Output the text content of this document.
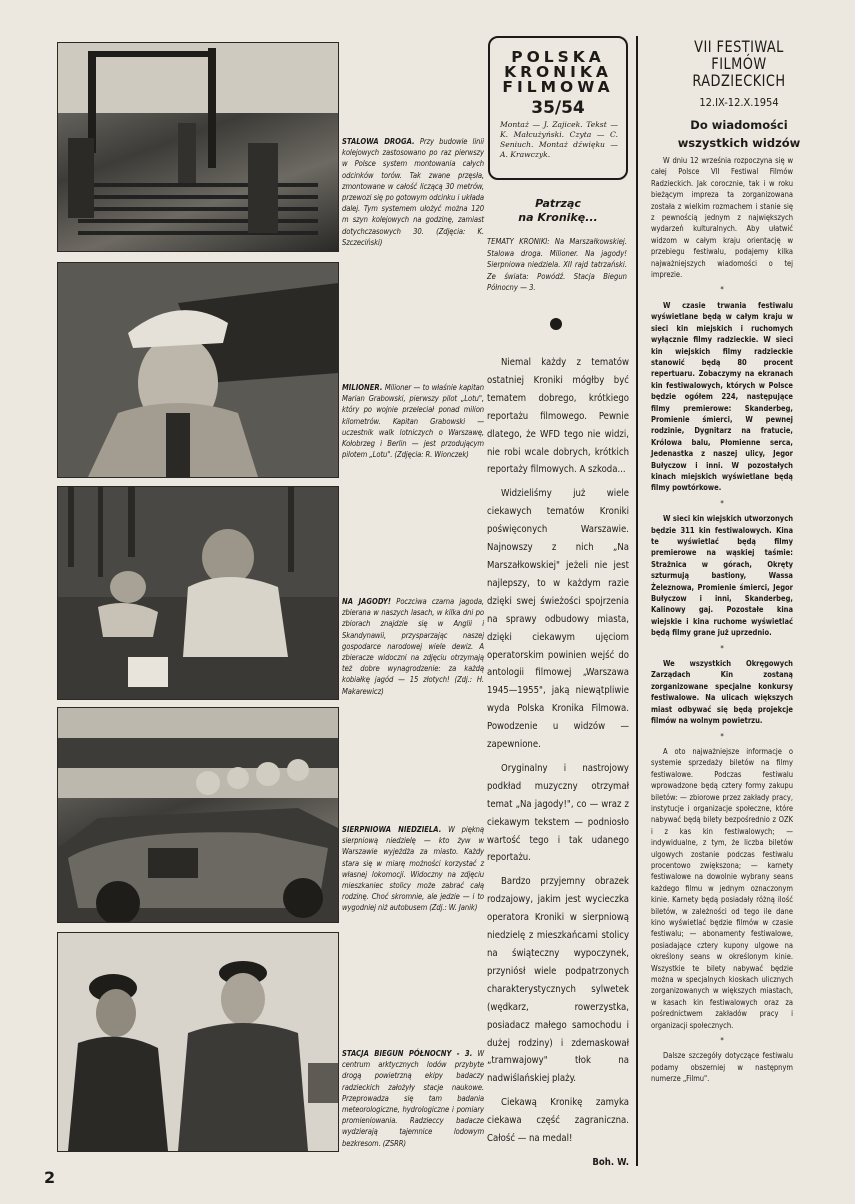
STALOWA DROGA. Przy budowie linii kolejowych zastosowano po raz pierwszy w Polsce system montowania całych odcinków torów. Tak zwane przęsła, zmontowane w całość liczącą 30 metrów, przewozi się po gotowym odcinku i układa dalej. Tym systemem ułożyć można 120 m szyn kolejowych na godzinę, zamiast dotychczasowych 30. (Zdjęcia: K. Szczeciński)
MILIONER. Milioner — to właśnie kapitan Marian Grabowski, pierwszy pilot „Lotu", który po wojnie przeleciał ponad milion kilometrów. Kapitan Grabowski — uczestnik walk lotniczych o Warszawę, Kołobrzeg i Berlin — jest przodującym pilotem „Lotu". (Zdjęcia: R. Wionczek)
NA JAGODY! Poczciwa czarna jagoda, zbierana w naszych lasach, w kilka dni po zbiorach znajdzie się w Anglii i Skandynawii, przysparzając naszej gospodarce narodowej wiele dewiz. A zbieracze widoczni na zdjęciu otrzymają też dobre wynagrodzenie: za każdą kobiałkę jagód — 15 złotych! (Zdj.: H. Makarewicz)
SIERPNIOWA NIEDZIELA. W piękną sierpniową niedzielę — kto żyw w Warszawie wyjeżdża za miasto. Każdy stara się w miarę możności korzystać z własnej lokomocji. Widoczny na zdjęciu mieszkaniec stolicy może zabrać całą rodzinę. Choć skromnie, ale jedzie — i to wygodniej niż autobusem (Zdj.: W. Janik)
STACJA BIEGUN PÓŁNOCNY - 3. W centrum arktycznych lodów przybyte drogą powietrzną ekipy badaczy radzieckich założyły stacje naukowe. Przeprowadza się tam badania meteorologiczne, hydrologiczne i pomiary promieniowania. Radzieccy badacze wydzierają tajemnice lodowym bezkresom. (ZSRR)
POLSKA
KRONIKA
FILMOWA
35/54
Montaż — J. Zajicek. Tekst — K. Małcużyński. Czyta — C. Seniuch. Montaż dźwięku — A. Krawczyk.
Patrząc
na Kronikę...
TEMATY KRONIKI: Na Marszałkowskiej. Stalowa droga. Milioner. Na jagody! Sierpniowa niedziela. XII rajd tatrzański. Ze świata: Powódź. Stacja Biegun Północny — 3.

Niemal każdy z tematów ostatniej Kroniki mógłby być tematem dobrego, krótkiego reportażu filmowego. Pewnie dlatego, że WFD tego nie widzi, nie robi wcale dobrych, krótkich reportaży filmowych. A szkoda...

Widzieliśmy już wiele ciekawych tematów Kroniki poświęconych Warszawie. Najnowszy z nich „Na Marszałkowskiej" jeżeli nie jest najlepszy, to w każdym razie dzięki swej świeżości spojrzenia na sprawy odbudowy miasta, dzięki ciekawym ujęciom operatorskim powinien wejść do antologii filmowej „Warszawa 1945—1955", jaką niewątpliwie wyda Polska Kronika Filmowa. Powodzenie u widzów — zapewnione.

Oryginalny i nastrojowy podkład muzyczny otrzymał temat „Na jagody!", co — wraz z ciekawym tekstem — podniosło wartość tego i tak udanego reportażu.

Bardzo przyjemny obrazek rodzajowy, jakim jest wycieczka operatora Kroniki w sierpniową niedzielę z mieszkańcami stolicy na świąteczny wypoczynek, przyniósł wiele podpatrzonych charakterystycznych sylwetek (wędkarz, rowerzystka, posiadacz małego samochodu i dużej rodziny) i zdemaskował „tramwajowy" tłok na nadwiślańskiej plaży.

Ciekawą Kronikę zamyka ciekawa część zagraniczna. Całość — na medal!

Boh. W.

VII FESTIWAL
FILMÓW
RADZIECKICH
12.IX-12.X.1954
Do wiadomości
wszystkich widzów

W dniu 12 września rozpoczyna się w całej Polsce VII Festiwal Filmów Radzieckich. Jak corocznie, tak i w roku bieżącym impreza ta zorganizowana została z wielkim rozmachem i stanie się z pewnością jednym z największych wydarzeń kulturalnych. Aby ułatwić widzom w całym kraju orientację w przebiegu festiwalu, podajemy kilka najważniejszych wiadomości o tej imprezie.

*

W czasie trwania festiwalu wyświetlane będą w całym kraju w sieci kin miejskich i ruchomych wyłącznie filmy radzieckie. W sieci kin wiejskich filmy radzieckie stanowić będą 80 procent repertuaru. Zobaczymy na ekranach kin festiwalowych, których w Polsce będzie ogółem 224, następujące filmy premierowe: Skanderbeg, Promienie śmierci, W pewnej rodzinie, Dygnitarz na fratucie, Królowa balu, Płomienne serca, Jedenastka z naszej ulicy, Jegor Bułyczow i inni. W pozostałych kinach miejskich wyświetlane będą filmy powtórkowe.

*

W sieci kin wiejskich utworzonych będzie 311 kin festiwalowych. Kina te wyświetlać będą filmy premierowe na wąskiej taśmie: Strażnica w górach, Okręty szturmują bastiony, Wassa Żeleznowa, Promienie śmierci, Jegor Bułyczow i inni, Skanderbeg, Kalinowy gaj. Pozostałe kina wiejskie i kina ruchome wyświetlać będą filmy grane już uprzednio.

*

We wszystkich Okręgowych Zarządach Kin zostaną zorganizowane specjalne konkursy festiwalowe. Na ulicach większych miast odbywać się będą projekcje filmów na wolnym powietrzu.

*

A oto najważniejsze informacje o systemie sprzedaży biletów na filmy festiwalowe. Podczas festiwalu wprowadzone będą cztery formy zakupu biletów: — zbiorowe przez zakłady pracy, instytucje i organizacje społeczne, które nabywać będą bilety bezpośrednio z OZK i z kas kin festiwalowych; — indywidualne, z tym, że liczba biletów ulgowych zostanie podczas festiwalu procentowo zwiększona; — karnety festiwalowe na dowolnie wybrany seans każdego filmu w jednym oznaczonym kinie. Karnety będą posiadały różną ilość biletów, w zależności od tego ile dane kino wyświetlać będzie filmów w czasie festiwalu; — abonamenty festiwalowe, posiadające cztery kupony ulgowe na określony seans w określonym kinie. Wszystkie te bilety nabywać będzie można w specjalnych kioskach ulicznych zorganizowanych w większych miastach, w kasach kin festiwalowych oraz za pośrednictwem zakładów pracy i organizacji społecznych.

*

Dalsze szczegóły dotyczące festiwalu podamy obszerniej w następnym numerze „Filmu".

2
